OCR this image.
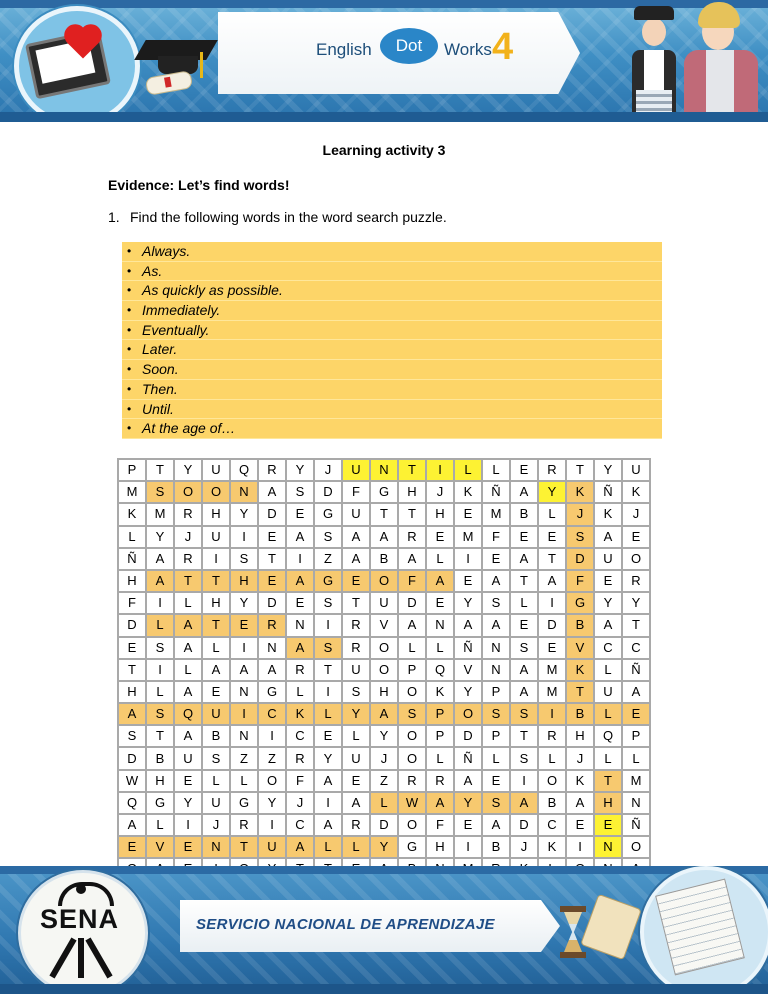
English	Dot	Works 4
Learning activity 3
Evidence: Let’s find words!
1. Find the following words in the word search puzzle.
• Always.
• As.
• As quickly as possible.
• Immediately.
• Eventually.
• Later.
• Soon.
• Then.
• Until.
• At the age of…
P	T	Y	U	Q	R	Y	J	U	N	T	I	L	L	E	R	T	Y	U
M	S	O	O	N	A	S	D	F	G	H	J	K	Ñ	A	Y	K	Ñ	K
K	M	R	H	Y	D	E	G	U	T	T	H	E	M	B	L	J	K	J
L	Y	J	U	I	E	A	S	A	A	R	E	M	F	E	E	S	A	E
Ñ	A	R	I	S	T	I	Z	A	B	A	L	I	E	A	T	D	U	O
H	A	T	T	H	E	A	G	E	O	F	A	E	A	T	A	F	E	R
F	I	L	H	Y	D	E	S	T	U	D	E	Y	S	L	I	G	Y	Y
D	L	A	T	E	R	N	I	R	V	A	N	A	A	E	D	B	A	T
E	S	A	L	I	N	A	S	R	O	L	L	Ñ	N	S	E	V	C	C
T	I	L	A	A	A	R	T	U	O	P	Q	V	N	A	M	K	L	Ñ
H	L	A	E	N	G	L	I	S	H	O	K	Y	P	A	M	T	U	A
A	S	Q	U	I	C	K	L	Y	A	S	P	O	S	S	I	B	L	E
S	T	A	B	N	I	C	E	L	Y	O	P	D	P	T	R	H	Q	P
D	B	U	S	Z	Z	R	Y	U	J	O	L	Ñ	L	S	L	J	L	L
W	H	E	L	L	O	F	A	E	Z	R	R	A	E	I	O	K	T	M
Q	G	Y	U	G	Y	J	I	A	L	W	A	Y	S	A	B	A	H	N
A	L	I	J	R	I	C	A	R	D	O	F	E	A	D	C	E	E	Ñ
E	V	E	N	T	U	A	L	L	Y	G	H	I	B	J	K	I	N	O

SENA	SERVICIO NACIONAL DE APRENDIZAJE
